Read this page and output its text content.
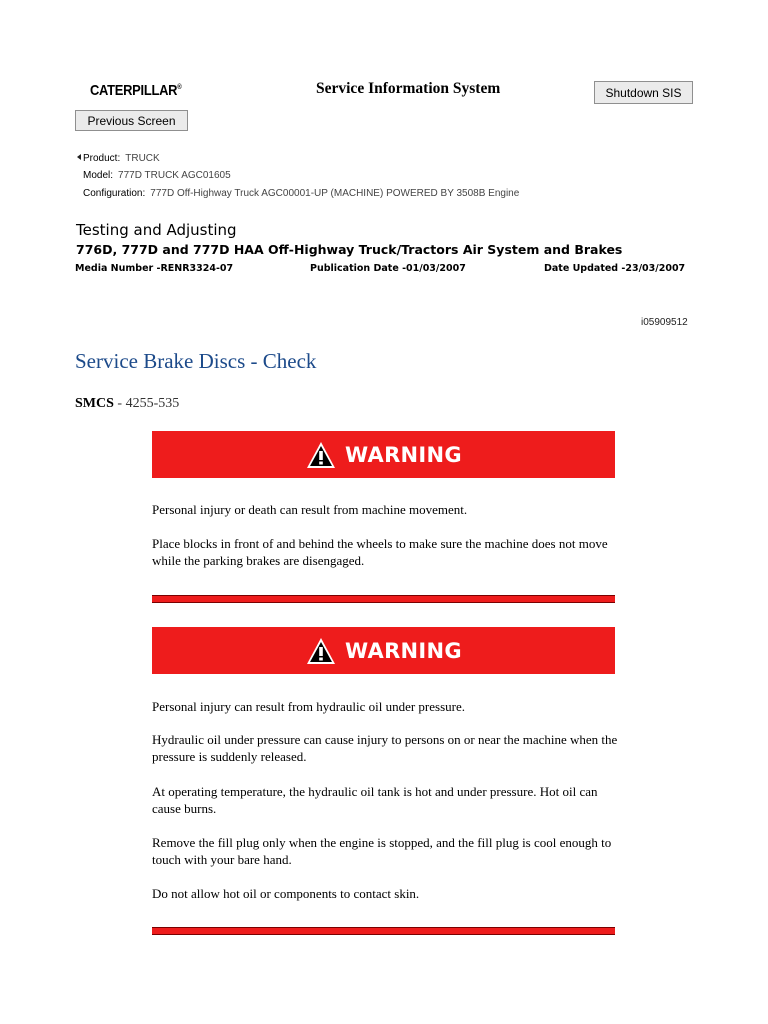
CATERPILLAR®	Service Information System	Shutdown SIS
Previous Screen
Product: TRUCK
Model: 777D TRUCK AGC01605
Configuration: 777D Off-Highway Truck AGC00001-UP (MACHINE) POWERED BY 3508B Engine
Testing and Adjusting
776D, 777D and 777D HAA Off-Highway Truck/Tractors Air System and Brakes
Media Number -RENR3324-07	Publication Date -01/03/2007	Date Updated -23/03/2007
i05909512
Service Brake Discs - Check
SMCS - 4255-535
WARNING
Personal injury or death can result from machine movement.
Place blocks in front of and behind the wheels to make sure the machine does not move while the parking brakes are disengaged.
WARNING
Personal injury can result from hydraulic oil under pressure.
Hydraulic oil under pressure can cause injury to persons on or near the machine when the pressure is suddenly released.
At operating temperature, the hydraulic oil tank is hot and under pressure. Hot oil can cause burns.
Remove the fill plug only when the engine is stopped, and the fill plug is cool enough to touch with your bare hand.
Do not allow hot oil or components to contact skin.
